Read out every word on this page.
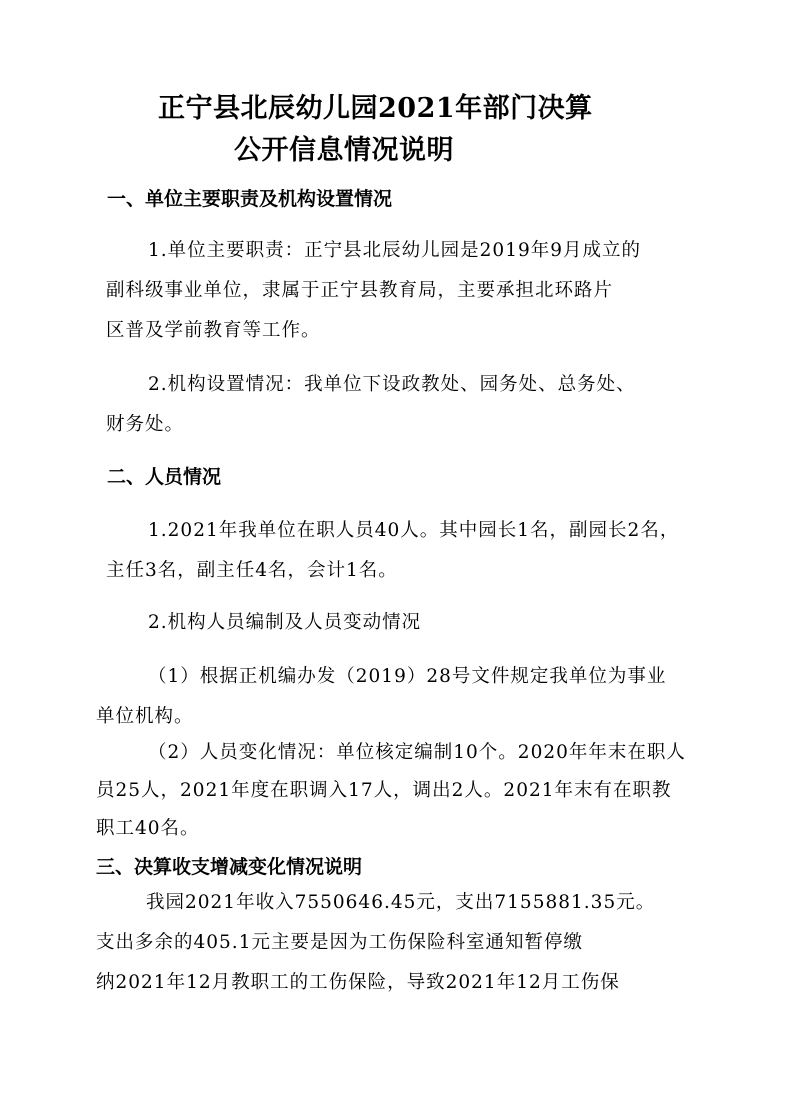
正宁县北辰幼儿园2021年部门决算
公开信息情况说明
一、单位主要职责及机构设置情况
1.单位主要职责：正宁县北辰幼儿园是2019年9月成立的
副科级事业单位，隶属于正宁县教育局，主要承担北环路片
区普及学前教育等工作。
2.机构设置情况：我单位下设政教处、园务处、总务处、
财务处。
二、人员情况
1.2021年我单位在职人员40人。其中园长1名，副园长2名，
主任3名，副主任4名，会计1名。
2.机构人员编制及人员变动情况
（1）根据正机编办发（2019）28号文件规定我单位为事业
单位机构。
（2）人员变化情况：单位核定编制10个。2020年年末在职人
员25人，2021年度在职调入17人，调出2人。2021年末有在职教
职工40名。
三、决算收支增减变化情况说明
我园2021年收入7550646.45元，支出7155881.35元。
支出多余的405.1元主要是因为工伤保险科室通知暂停缴
纳2021年12月教职工的工伤保险，导致2021年12月工伤保
